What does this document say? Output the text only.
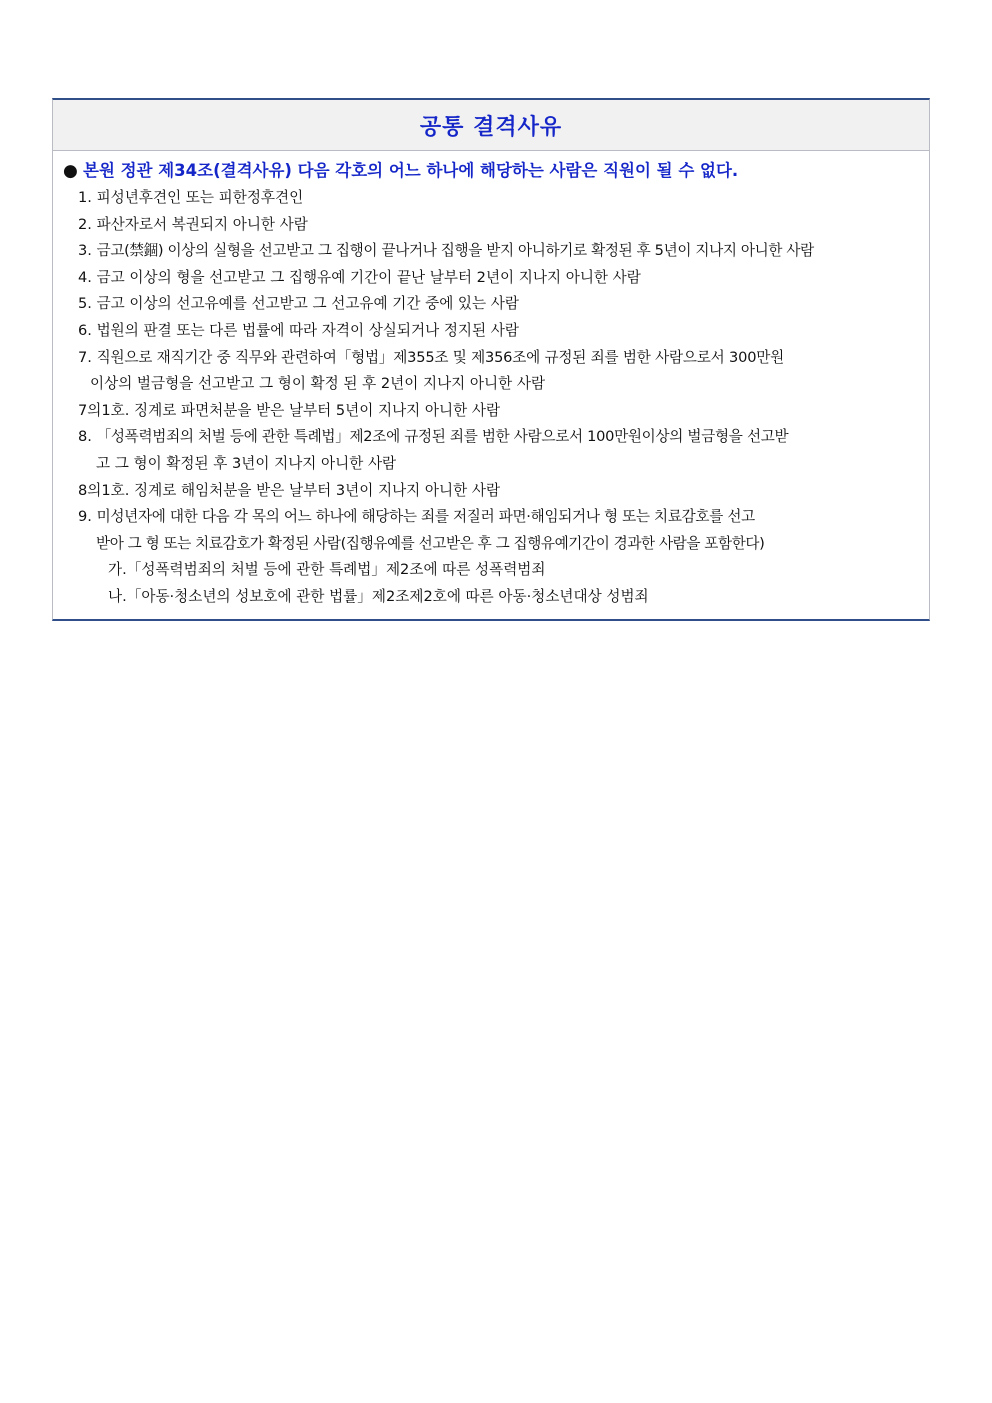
공통 결격사유
● 본원 정관 제34조(결격사유) 다음 각호의 어느 하나에 해당하는 사람은 직원이 될 수 없다.
1. 피성년후견인 또는 피한정후견인
2. 파산자로서 복권되지 아니한 사람
3. 금고(禁錮) 이상의 실형을 선고받고 그 집행이 끝나거나 집행을 받지 아니하기로 확정된 후 5년이 지나지 아니한 사람
4. 금고 이상의 형을 선고받고 그 집행유예 기간이 끝난 날부터 2년이 지나지 아니한 사람
5. 금고 이상의 선고유예를 선고받고 그 선고유예 기간 중에 있는 사람
6. 법원의 판결 또는 다른 법률에 따라 자격이 상실되거나 정지된 사람
7. 직원으로 재직기간 중 직무와 관련하여「형법」제355조 및 제356조에 규정된 죄를 범한 사람으로서 300만원
이상의 벌금형을 선고받고 그 형이 확정 된 후 2년이 지나지 아니한 사람
7의1호. 징계로 파면처분을 받은 날부터 5년이 지나지 아니한 사람
8. 「성폭력범죄의 처벌 등에 관한 특례법」제2조에 규정된 죄를 범한 사람으로서 100만원이상의 벌금형을 선고받
고 그 형이 확정된 후 3년이 지나지 아니한 사람
8의1호. 징계로 해임처분을 받은 날부터 3년이 지나지 아니한 사람
9. 미성년자에 대한 다음 각 목의 어느 하나에 해당하는 죄를 저질러 파면·해임되거나 형 또는 치료감호를 선고
받아 그 형 또는 치료감호가 확정된 사람(집행유예를 선고받은 후 그 집행유예기간이 경과한 사람을 포함한다)
가.「성폭력범죄의 처벌 등에 관한 특례법」제2조에 따른 성폭력범죄
나.「아동·청소년의 성보호에 관한 법률」제2조제2호에 따른 아동·청소년대상 성범죄
